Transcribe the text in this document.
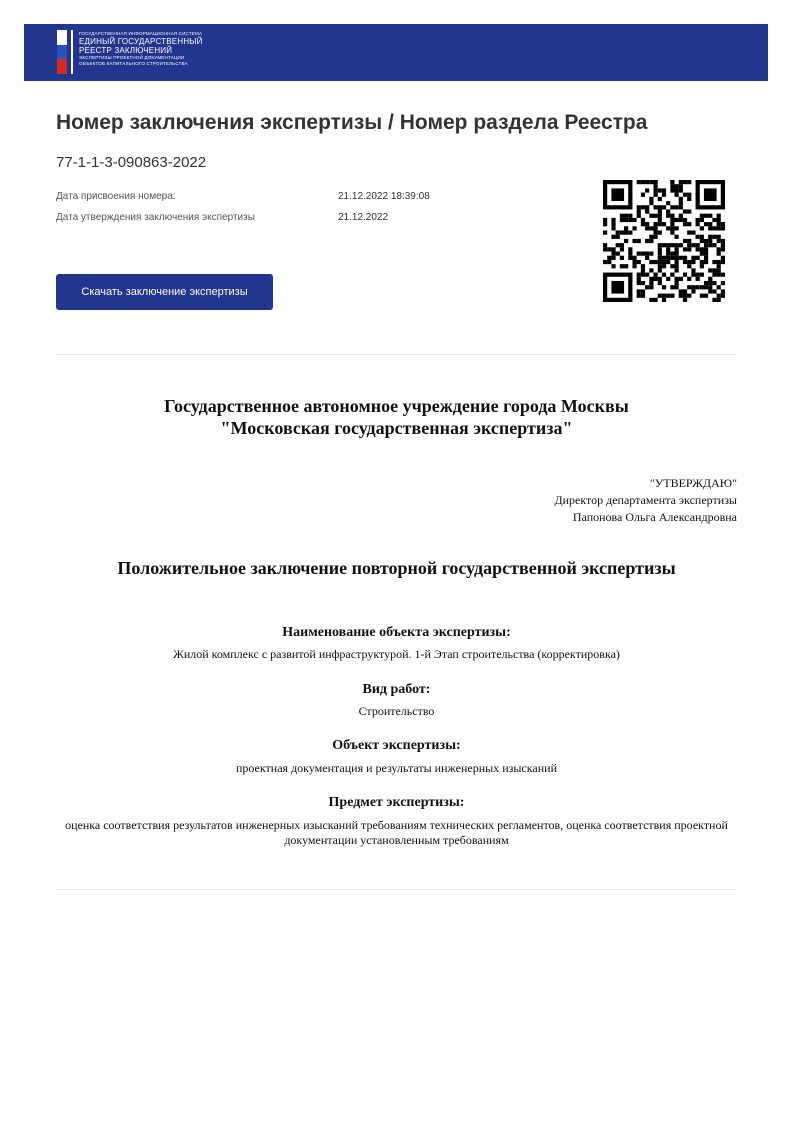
ГОСУДАРСТВЕННАЯ ИНФОРМАЦИОННАЯ СИСТЕМА
ЕДИНЫЙ ГОСУДАРСТВЕННЫЙ
РЕЕСТР ЗАКЛЮЧЕНИЙ
ЭКСПЕРТИЗЫ ПРОЕКТНОЙ ДОКУМЕНТАЦИИ
ОБЪЕКТОВ КАПИТАЛЬНОГО СТРОИТЕЛЬСТВА
Номер заключения экспертизы / Номер раздела Реестра
77-1-1-3-090863-2022
Дата присвоения номера:	21.12.2022 18:39:08
Дата утверждения заключения экспертизы	21.12.2022
Скачать заключение экспертизы
Государственное автономное учреждение города Москвы
"Московская государственная экспертиза"
"УТВЕРЖДАЮ"
Директор департамента экспертизы
Папонова Ольга Александровна
Положительное заключение повторной государственной экспертизы
Наименование объекта экспертизы:
Жилой комплекс с развитой инфраструктурой. 1-й Этап строительства (корректировка)
Вид работ:
Строительство
Объект экспертизы:
проектная документация и результаты инженерных изысканий
Предмет экспертизы:
оценка соответствия результатов инженерных изысканий требованиям технических регламентов, оценка соответствия проектной документации установленным требованиям
